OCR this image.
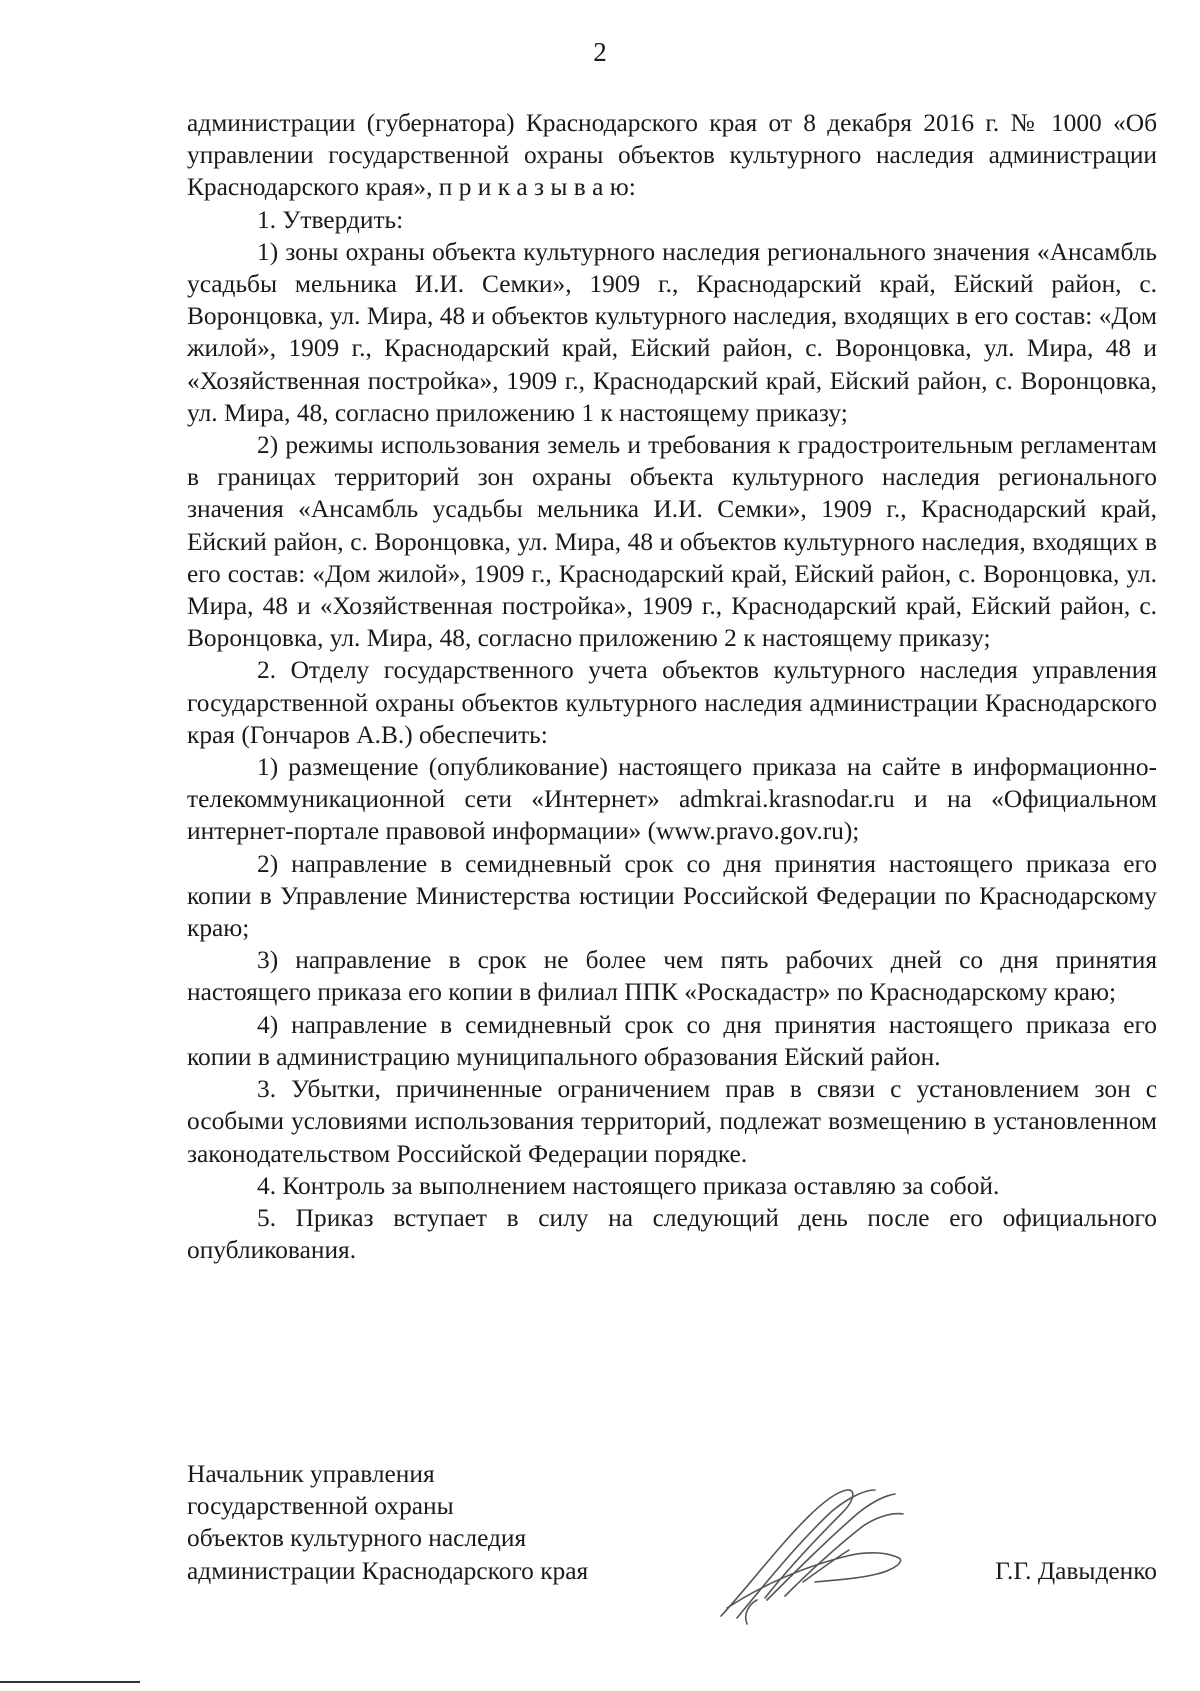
2

администрации (губернатора) Краснодарского края от 8 декабря 2016 г. № 1000 «Об управлении государственной охраны объектов культурного наследия администрации Краснодарского края», п р и к а з ы в а ю:

1. Утвердить:

1) зоны охраны объекта культурного наследия регионального значения «Ансамбль усадьбы мельника И.И. Семки», 1909 г., Краснодарский край, Ейский район, с. Воронцовка, ул. Мира, 48 и объектов культурного наследия, входящих в его состав: «Дом жилой», 1909 г., Краснодарский край, Ейский район, с. Воронцовка, ул. Мира, 48 и «Хозяйственная постройка», 1909 г., Краснодарский край, Ейский район, с. Воронцовка, ул. Мира, 48, согласно приложению 1 к настоящему приказу;

2) режимы использования земель и требования к градостроительным регламентам в границах территорий зон охраны объекта культурного наследия регионального значения «Ансамбль усадьбы мельника И.И. Семки», 1909 г., Краснодарский край, Ейский район, с. Воронцовка, ул. Мира, 48 и объектов культурного наследия, входящих в его состав: «Дом жилой», 1909 г., Краснодарский край, Ейский район, с. Воронцовка, ул. Мира, 48 и «Хозяйственная постройка», 1909 г., Краснодарский край, Ейский район, с. Воронцовка, ул. Мира, 48, согласно приложению 2 к настоящему приказу;

2. Отделу государственного учета объектов культурного наследия управления государственной охраны объектов культурного наследия администрации Краснодарского края (Гончаров А.В.) обеспечить:

1) размещение (опубликование) настоящего приказа на сайте в информационно-телекоммуникационной сети «Интернет» admkrai.krasnodar.ru и на «Официальном интернет-портале правовой информации» (www.pravo.gov.ru);

2) направление в семидневный срок со дня принятия настоящего приказа его копии в Управление Министерства юстиции Российской Федерации по Краснодарскому краю;

3) направление в срок не более чем пять рабочих дней со дня принятия настоящего приказа его копии в филиал ППК «Роскадастр» по Краснодарскому краю;

4) направление в семидневный срок со дня принятия настоящего приказа его копии в администрацию муниципального образования Ейский район.

3. Убытки, причиненные ограничением прав в связи с установлением зон с особыми условиями использования территорий, подлежат возмещению в установленном законодательством Российской Федерации порядке.

4. Контроль за выполнением настоящего приказа оставляю за собой.

5. Приказ вступает в силу на следующий день после его официального опубликования.

Начальник управления
государственной охраны
объектов культурного наследия
администрации Краснодарского края	Г.Г. Давыденко
